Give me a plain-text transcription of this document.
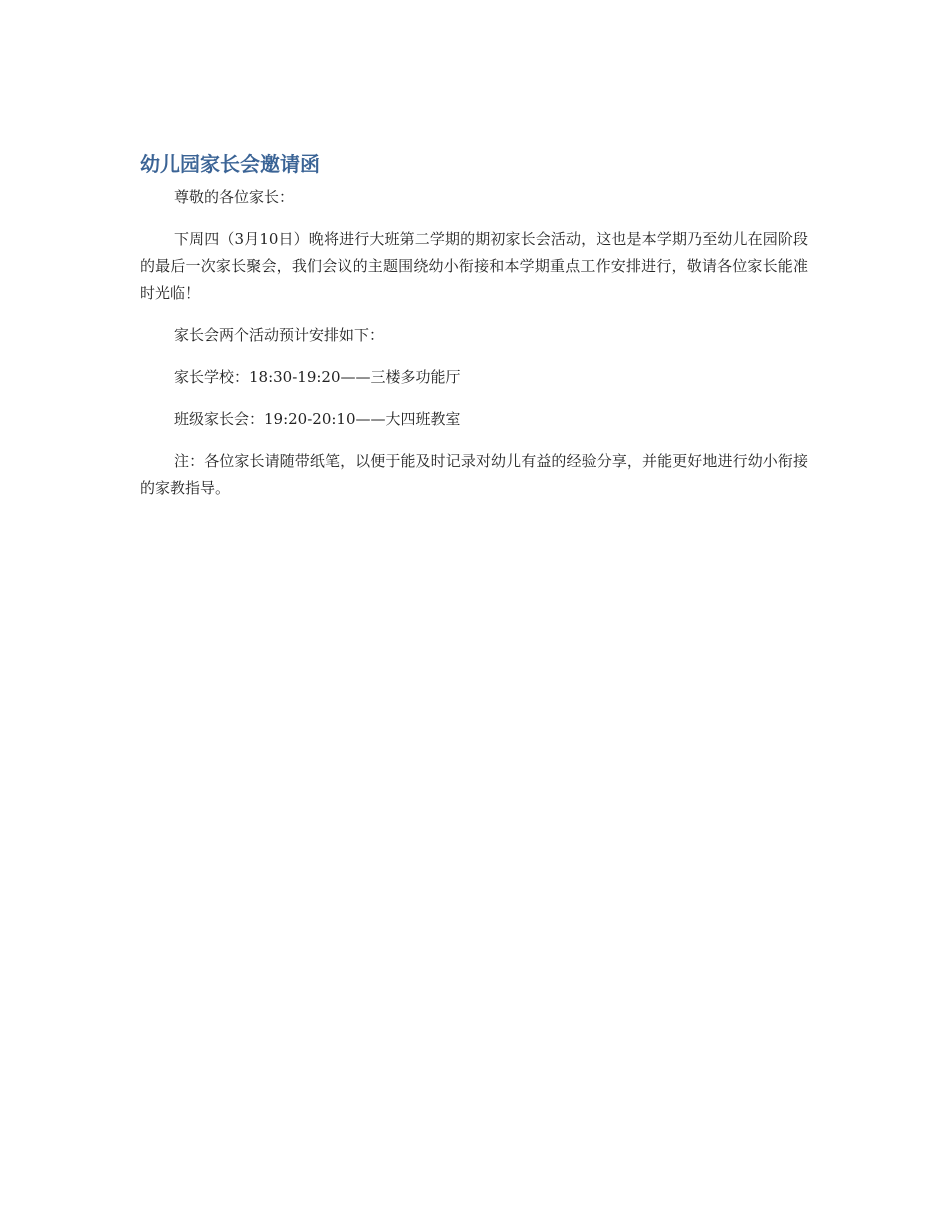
幼儿园家长会邀请函

尊敬的各位家长：

下周四（3月10日）晚将进行大班第二学期的期初家长会活动，这也是本学期乃至幼儿在园阶段的最后一次家长聚会，我们会议的主题围绕幼小衔接和本学期重点工作安排进行，敬请各位家长能准时光临！

家长会两个活动预计安排如下：

家长学校：18:30-19:20——三楼多功能厅

班级家长会：19:20-20:10——大四班教室

注：各位家长请随带纸笔，以便于能及时记录对幼儿有益的经验分享，并能更好地进行幼小衔接的家教指导。
